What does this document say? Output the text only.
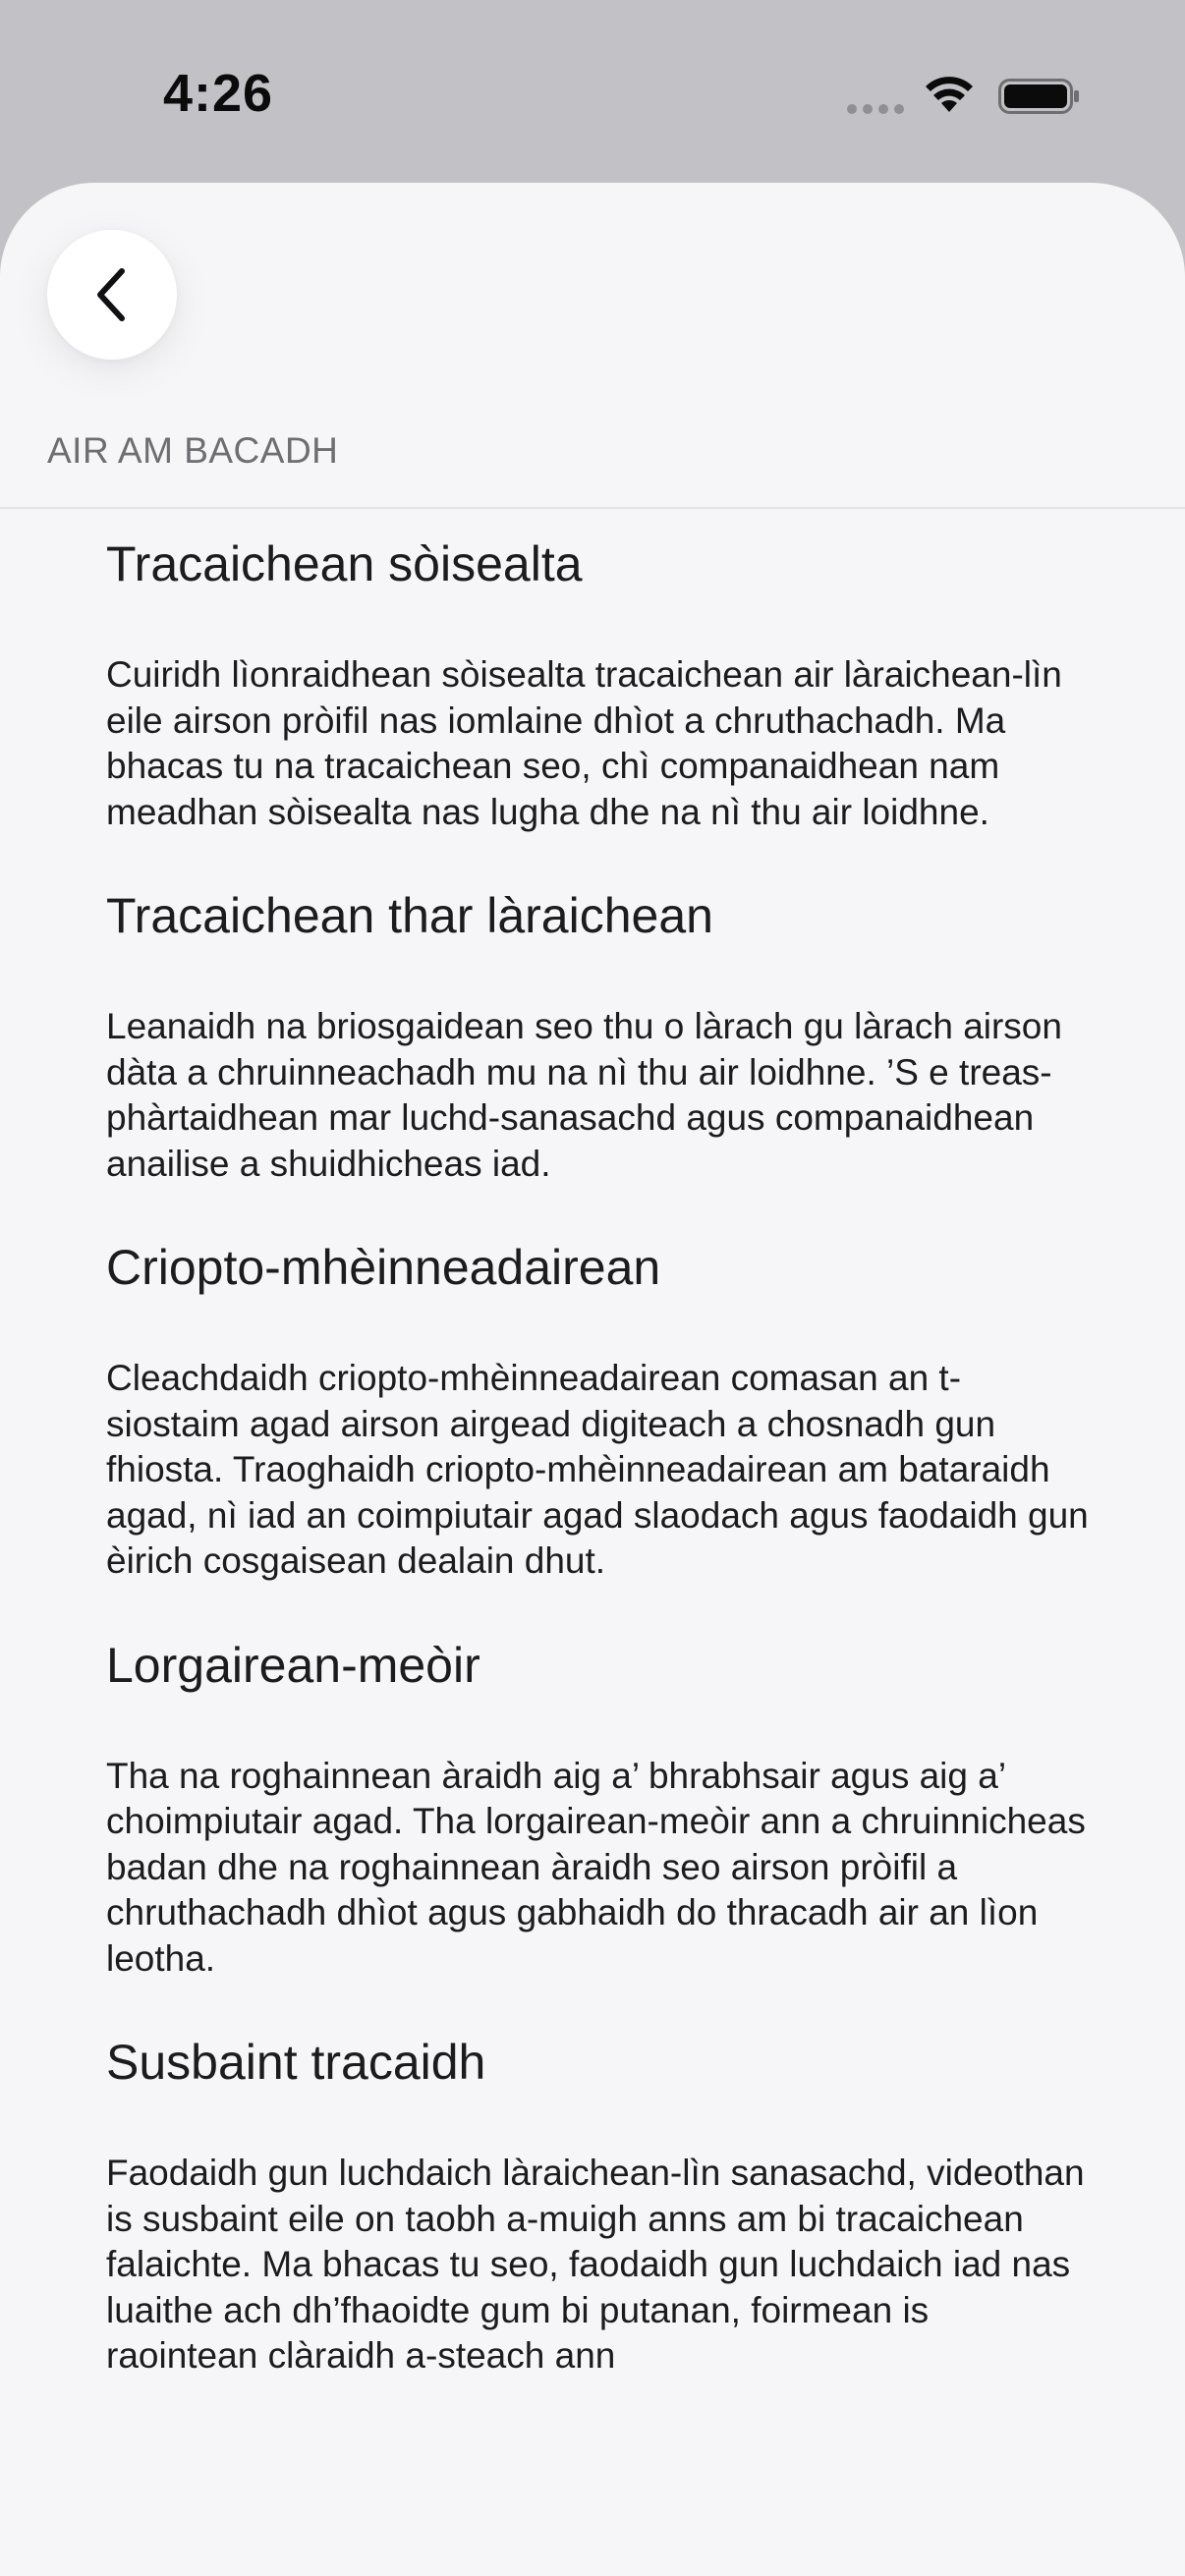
4:26
AIR AM BACADH
Tracaichean sòisealta

Cuiridh lìonraidhean sòisealta tracaichean air làraichean-lìn eile airson pròifil nas iomlaine dhìot a chruthachadh. Ma bhacas tu na tracaichean seo, chì companaidhean nam meadhan sòisealta nas lugha dhe na nì thu air loidhne.

Tracaichean thar làraichean

Leanaidh na briosgaidean seo thu o làrach gu làrach airson dàta a chruinneachadh mu na nì thu air loidhne. ’S e treas-phàrtaidhean mar luchd-sanasachd agus companaidhean anailise a shuidhicheas iad.

Criopto-mhèinneadairean

Cleachdaidh criopto-mhèinneadairean comasan an t-siostaim agad airson airgead digiteach a chosnadh gun fhiosta. Traoghaidh criopto-mhèinneadairean am bataraidh agad, nì iad an coimpiutair agad slaodach agus faodaidh gun èirich cosgaisean dealain dhut.

Lorgairean-meòir

Tha na roghainnean àraidh aig a’ bhrabhsair agus aig a’ choimpiutair agad. Tha lorgairean-meòir ann a chruinnicheas badan dhe na roghainnean àraidh seo airson pròifil a chruthachadh dhìot agus gabhaidh do thracadh air an lìon leotha.

Susbaint tracaidh

Faodaidh gun luchdaich làraichean-lìn sanasachd, videothan is susbaint eile on taobh a-muigh anns am bi tracaichean falaichte. Ma bhacas tu seo, faodaidh gun luchdaich iad nas luaithe ach dh’fhaoidte gum bi putanan, foirmean is raointean clàraidh a-steach ann
